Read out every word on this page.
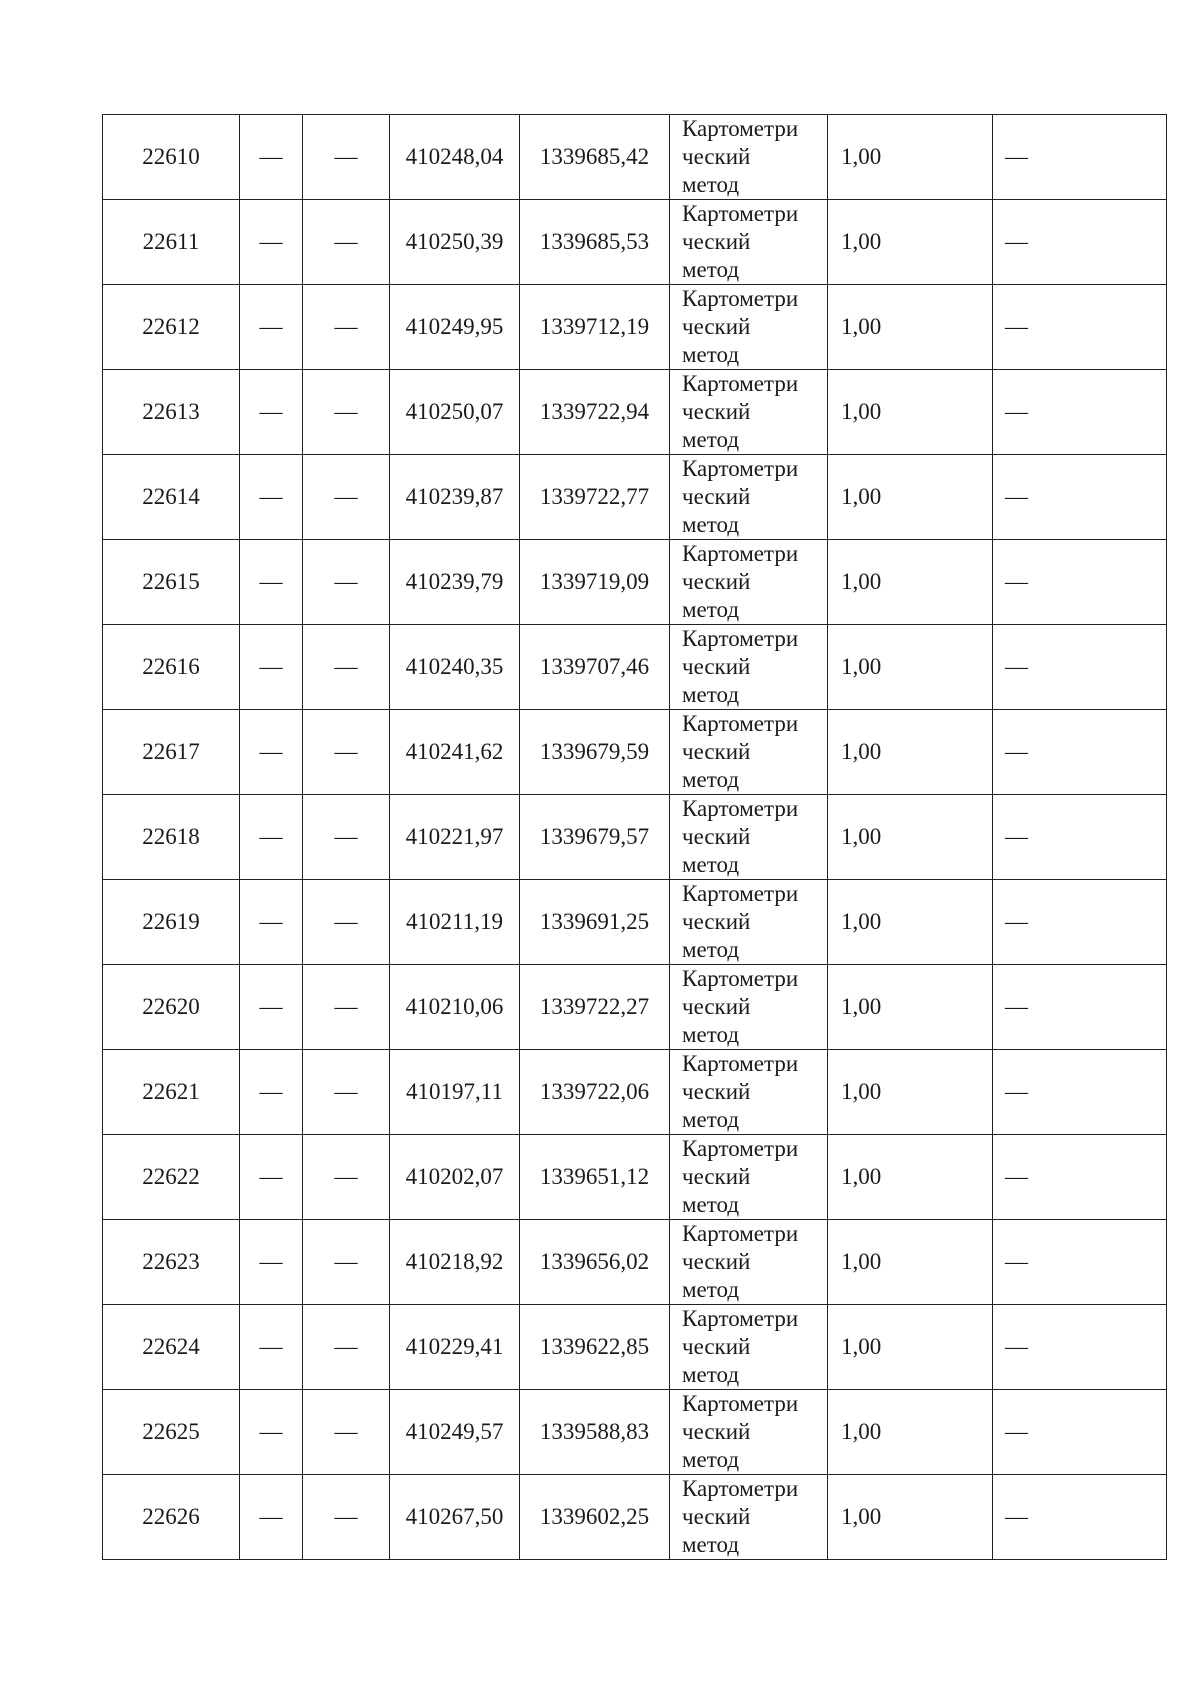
22610	—	—	410248,04	1339685,42	Картометри
ческий
метод	1,00	—
22611	—	—	410250,39	1339685,53	Картометри
ческий
метод	1,00	—
22612	—	—	410249,95	1339712,19	Картометри
ческий
метод	1,00	—
22613	—	—	410250,07	1339722,94	Картометри
ческий
метод	1,00	—
22614	—	—	410239,87	1339722,77	Картометри
ческий
метод	1,00	—
22615	—	—	410239,79	1339719,09	Картометри
ческий
метод	1,00	—
22616	—	—	410240,35	1339707,46	Картометри
ческий
метод	1,00	—
22617	—	—	410241,62	1339679,59	Картометри
ческий
метод	1,00	—
22618	—	—	410221,97	1339679,57	Картометри
ческий
метод	1,00	—
22619	—	—	410211,19	1339691,25	Картометри
ческий
метод	1,00	—
22620	—	—	410210,06	1339722,27	Картометри
ческий
метод	1,00	—
22621	—	—	410197,11	1339722,06	Картометри
ческий
метод	1,00	—
22622	—	—	410202,07	1339651,12	Картометри
ческий
метод	1,00	—
22623	—	—	410218,92	1339656,02	Картометри
ческий
метод	1,00	—
22624	—	—	410229,41	1339622,85	Картометри
ческий
метод	1,00	—
22625	—	—	410249,57	1339588,83	Картометри
ческий
метод	1,00	—
22626	—	—	410267,50	1339602,25	Картометри
ческий
метод	1,00	—
